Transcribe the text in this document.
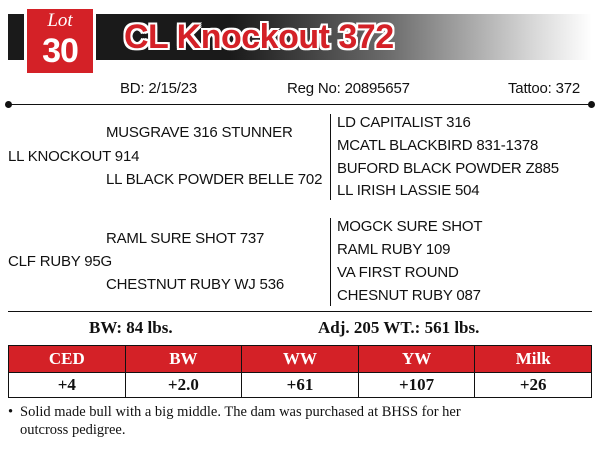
Lot
30	CL Knockout 372
BD: 2/15/23	Reg No: 20895657	Tattoo: 372
MUSGRAVE 316 STUNNER
LL KNOCKOUT 914
LL BLACK POWDER BELLE 702
LD CAPITALIST 316
MCATL BLACKBIRD 831-1378
BUFORD BLACK POWDER Z885
LL IRISH LASSIE 504
RAML SURE SHOT 737
CLF RUBY 95G
CHESTNUT RUBY WJ 536
MOGCK SURE SHOT
RAML RUBY 109
VA FIRST ROUND
CHESNUT RUBY 087
BW: 84 lbs.	Adj. 205 WT.: 561 lbs.
CED	BW	WW	YW	Milk
+4	+2.0	+61	+107	+26
• Solid made bull with a big middle. The dam was purchased at BHSS for her
outcross pedigree.
